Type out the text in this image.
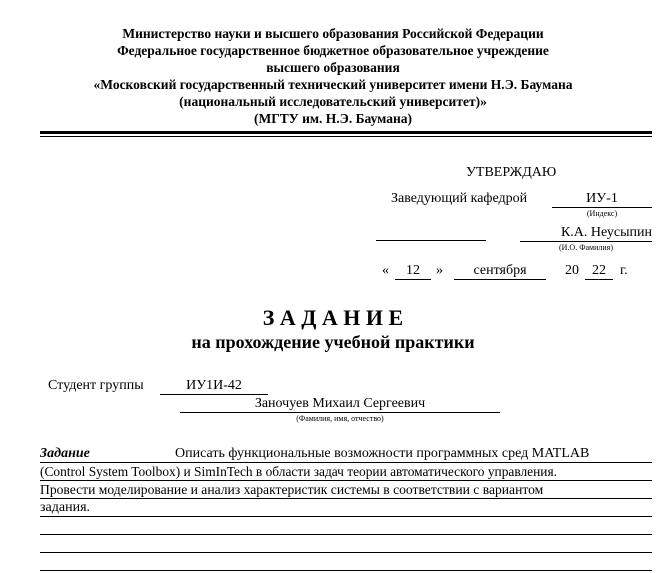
Министерство науки и высшего образования Российской Федерации
Федеральное государственное бюджетное образовательное учреждение
высшего образования
«Московский государственный технический университет имени Н.Э. Баумана
(национальный исследовательский университет)»
(МГТУ им. Н.Э. Баумана)
УТВЕРЖДАЮ
Заведующий кафедрой	ИУ-1
(Индекс)
К.А. Неусыпин
(И.О. Фамилия)
«	12	»	сентября	20 22	г.
З А Д А Н И Е
на прохождение учебной практики
Студент группы	ИУ1И-42
Заночуев Михаил Сергеевич
(Фамилия, имя, отчество)
Задание	Описать функциональные возможности программных сред MATLAB
(Control System Toolbox) и SimInTech в области задач теории автоматического управления.
Провести моделирование и анализ характеристик системы в соответствии с вариантом
задания.
